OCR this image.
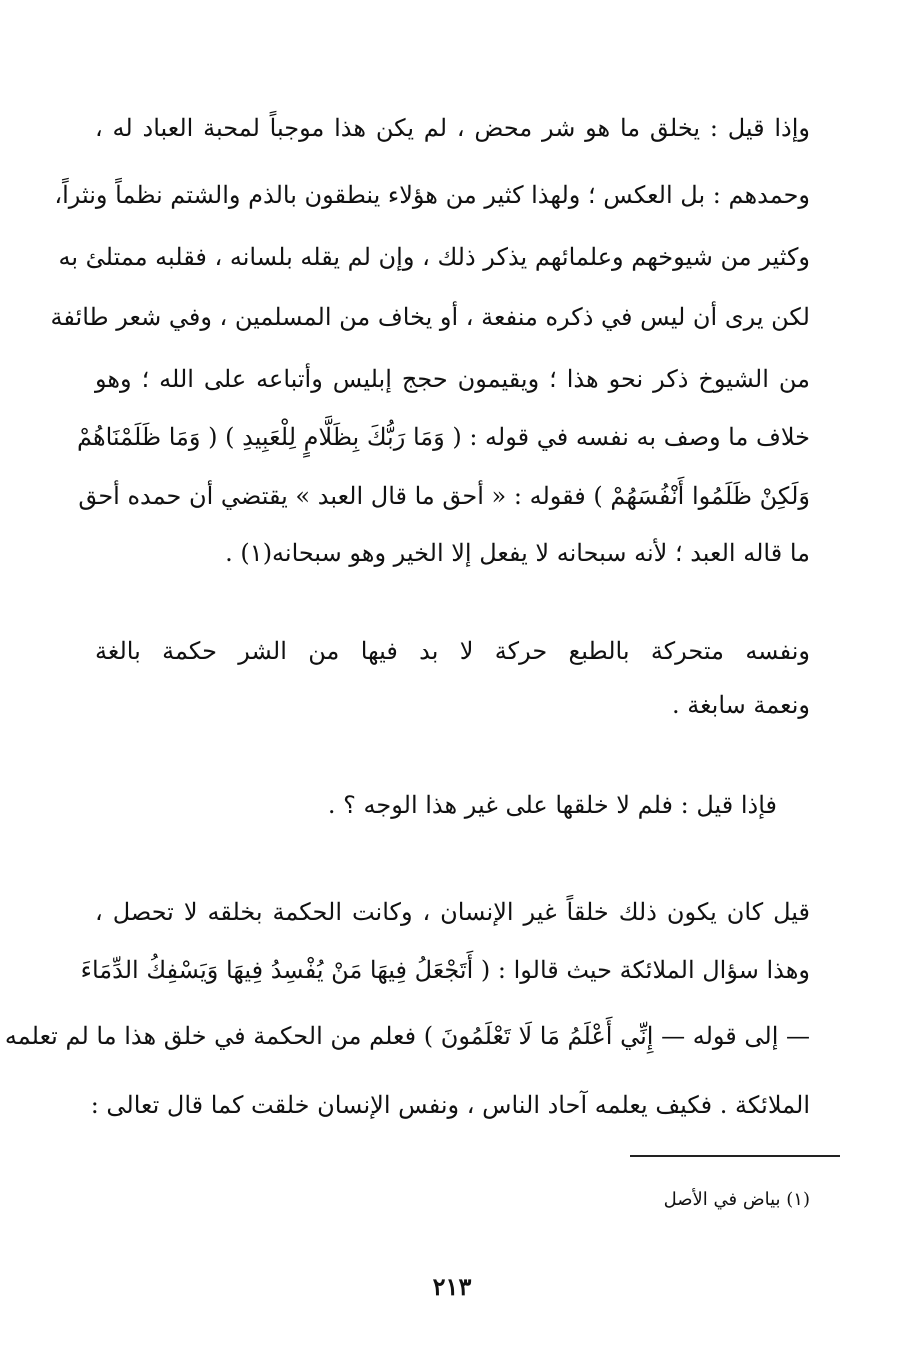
وإذا قيل : يخلق ما هو شر محض ، لم يكن هذا موجباً لمحبة العباد له ،
وحمدهم : بل العكس ؛ ولهذا كثير من هؤلاء ينطقون بالذم والشتم نظماً ونثراً،
وكثير من شيوخهم وعلمائهم يذكر ذلك ، وإن لم يقله بلسانه ، فقلبه ممتلئ به
لكن يرى أن ليس في ذكره منفعة ، أو يخاف من المسلمين ، وفي شعر طائفة
من الشيوخ ذكر نحو هذا ؛ ويقيمون حجج إبليس وأتباعه على الله ؛ وهو
خلاف ما وصف به نفسه في قوله : ( وَمَا رَبُّكَ بِظَلَّامٍ لِلْعَبِيدِ ) ( وَمَا ظَلَمْنَاهُمْ
وَلَكِنْ ظَلَمُوا أَنْفُسَهُمْ ) فقوله : « أحق ما قال العبد » يقتضي أن حمده أحق
ما قاله العبد ؛ لأنه سبحانه لا يفعل إلا الخير وهو سبحانه(١) .
ونفسه متحركة بالطبع حركة لا بد فيها من الشر حكمة بالغة
ونعمة سابغة .
فإذا قيل : فلم لا خلقها على غير هذا الوجه ؟ .
قيل كان يكون ذلك خلقاً غير الإنسان ، وكانت الحكمة بخلقه لا تحصل ،
وهذا سؤال الملائكة حيث قالوا : ( أَتَجْعَلُ فِيهَا مَنْ يُفْسِدُ فِيهَا وَيَسْفِكُ الدِّمَاءَ
— إلى قوله — إِنِّي أَعْلَمُ مَا لَا تَعْلَمُونَ ) فعلم من الحكمة في خلق هذا ما لم تعلمه
الملائكة . فكيف يعلمه آحاد الناس ، ونفس الإنسان خلقت كما قال تعالى :
(١) بياض في الأصل
٢١٣
